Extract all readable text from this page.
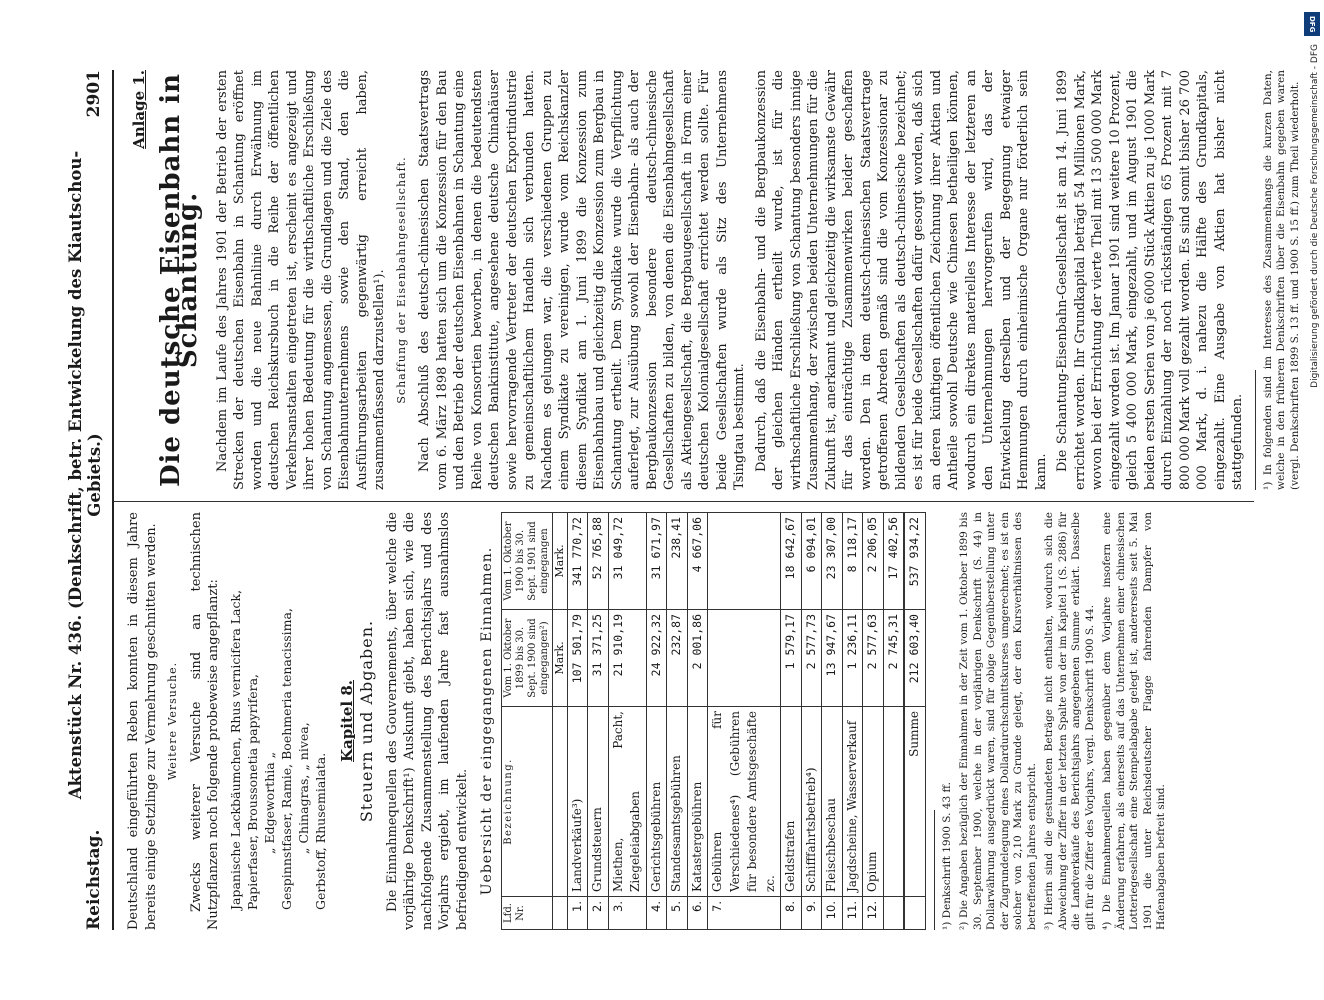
Reichstag.
Aktenstück Nr. 436. (Denkschrift, betr. Entwickelung des Kiautschou-Gebiets.)
2901

Deutschland eingeführten Reben konnten in diesem Jahre bereits einige Setzlinge zur Vermehrung geschnitten werden. Weitere Versuche. Zwecks weiterer Versuche sind an technischen Nutzpflanzen noch folgende probeweise angepflanzt: Japanische Lackbäumchen, Rhus vernicifera Lack, Papierfaser, Broussonetia papyrifera, „ Edgeworthia „ Gespinnstfaser, Ramie, Boehmeria tenacissima, „ Chinagras, „ nivea, Gerbstoff, Rhusemialata.
Kapitel 8. Steuern und Abgaben. Die Einnahmequellen des Gouvernements, über welche die vorjährige Denkschrift¹) Auskunft giebt, haben sich, wie die nachfolgende Zusammenstellung des Berichtsjahrs und des Vorjahrs ergiebt, im laufenden Jahre fast ausnahmslos befriedigend entwickelt. Uebersicht der eingegangenen Einnahmen.
Lfd. Nr.	Bezeichnung.	Vom 1. Oktober 1899 bis 30. Sept. 1900 sind eingegangen²)	Vom 1. Oktober 1900 bis 30. Sept. 1901 sind eingegangen
		Mark.	Mark.
1.	Landverkäufe³)	107 501,79	341 770,72
2.	Grundsteuern	31 371,25	52 765,88
3.	Miethen, Pacht, Ziegeleiabgaben	21 910,19	31 049,72
4.	Gerichtsgebühren	24 922,32	31 671,97
5.	Standesamtsgebühren	232,87	238,41
6.	Katastergebühren	2 001,86	4 667,06
7.	Gebühren für Verschiedenes⁴) (Gebühren für besondere Amtsgeschäfte zc.		
8.	Geldstrafen	1 579,17	18 642,67
9.	Schifffahrtsbetrieb⁴)	2 577,73	6 094,01
10.	Fleischbeschau	13 947,67	23 307,00
11.	Jagdscheine, Wasserverkauf	1 236,11	8 118,17
12.	Opium	2 577,63	2 206,05
		2 745,31	17 402,56
	Summe	212 603,40	537 934,22

¹) Denkschrift 1900 S. 43 ff. ²) Die Angaben bezüglich der Einnahmen in der Zeit vom 1. Oktober 1899 bis 30. September 1900, welche in der vorjährigen Denkschrift (S. 44) in Dollarwährung ausgedrückt waren, sind für obige Gegenüberstellung unter der Zugrundelegung eines Dollardurchschnittskurses umgerechnet; es ist ein solcher von 2,10 Mark zu Grunde gelegt, der den Kursverhältnissen des betreffenden Jahres entspricht. ³) Hierin sind die gestundeten Beträge nicht enthalten, wodurch sich die Abweichung der Ziffer in der letzten Spalte von der im Kapitel 1 (S. 2886) für die Landverkäufe des Berichtsjahrs angegebenen Summe erklärt. Dasselbe gilt für die Ziffer des Vorjahrs, vergl. Denkschrift 1900 S. 44. ⁴) Die Einnahmequellen haben gegenüber dem Vorjahre insofern eine Änderung erfahren, als einerseits auf das Unternehmen einer chinesischen Lotteriegesellschaft eine Stempelabgabe gelegt ist, andererseits seit 5. Mai 1901 die unter Reichsdeutscher Flagge fahrenden Dampfer von Hafenabgaben befreit sind.

Anlage 1. Die deutsche Eisenbahn in Schantung. Nachdem im Laufe des Jahres 1901 der Betrieb der ersten Strecken der deutschen Eisenbahn in Schantung eröffnet worden und die neue Bahnlinie durch Erwähnung im deutschen Reichskursbuch in die Reihe der öffentlichen Verkehrsanstalten eingetreten ist, erscheint es angezeigt und ihrer hohen Bedeutung für die wirthschaftliche Erschließung von Schantung angemessen, die Grundlagen und die Ziele des Eisenbahnunternehmens sowie den Stand, den die Ausführungsarbeiten gegenwärtig erreicht haben, zusammenfassend darzustellen¹). Schaffung der Eisenbahngesellschaft. Nach Abschluß des deutsch-chinesischen Staatsvertrags vom 6. März 1898 hatten sich um die Konzession für den Bau und den Betrieb der deutschen Eisenbahnen in Schantung eine Reihe von Konsortien beworben, in denen die bedeutendsten deutschen Bankinstitute, angesehene deutsche Chinahäuser sowie hervorragende Vertreter der deutschen Exportindustrie zu gemeinschaftlichem Handeln sich verbunden hatten. Nachdem es gelungen war, die verschiedenen Gruppen zu einem Syndikate zu vereinigen, wurde vom Reichskanzler diesem Syndikat am 1. Juni 1899 die Konzession zum Eisenbahnbau und gleichzeitig die Konzession zum Bergbau in Schantung ertheilt. Dem Syndikate wurde die Verpflichtung auferlegt, zur Ausübung sowohl der Eisenbahn- als auch der Bergbaukonzession besondere deutsch-chinesische Gesellschaften zu bilden, von denen die Eisenbahngesellschaft als Aktiengesellschaft, die Bergbaugesellschaft in Form einer deutschen Kolonialgesellschaft errichtet werden sollte. Für beide Gesellschaften wurde als Sitz des Unternehmens Tsingtau bestimmt. Dadurch, daß die Eisenbahn- und die Bergbaukonzession der gleichen Händen ertheilt wurde, ist für die wirthschaftliche Erschließung von Schantung besonders innige Zusammenhang, der zwischen beiden Unternehmungen für die Zukunft ist, anerkannt und gleichzeitig die wirksamste Gewähr für das einträchtige Zusammenwirken beider geschaffen worden. Den in dem deutsch-chinesischen Staatsvertrage getroffenen Abreden gemäß sind die vom Konzessionar zu bildenden Gesellschaften als deutsch-chinesische bezeichnet; es ist für beide Gesellschaften dafür gesorgt worden, daß sich an deren künftigen öffentlichen Zeichnung ihrer Aktien und Antheile sowohl Deutsche wie Chinesen betheiligen können, wodurch ein direktes materielles Interesse der letzteren an den Unternehmungen hervorgerufen wird, das der Entwickelung derselben und der Begegnung etwaiger Hemmungen durch einheimische Organe nur förderlich sein kann. Die Schantung-Eisenbahn-Gesellschaft ist am 14. Juni 1899 errichtet worden. Ihr Grundkapital beträgt 54 Millionen Mark, wovon bei der Errichtung der vierte Theil mit 13 500 000 Mark eingezahlt worden ist. Im Januar 1901 sind weitere 10 Prozent, gleich 5 400 000 Mark, eingezahlt, und im August 1901 die beiden ersten Serien von je 6000 Stück Aktien zu je 1000 Mark durch Einzahlung der noch rückständigen 65 Prozent mit 7 800 000 Mark voll gezahlt worden. Es sind somit bisher 26 700 000 Mark, d. i. nahezu die Hälfte des Grundkapitals, eingezahlt. Eine Ausgabe von Aktien hat bisher nicht stattgefunden. ¹) In folgenden sind im Interesse des Zusammenhangs die kurzen Daten, welche in den früheren Denkschriften über die Eisenbahn gegeben waren (vergl. Denkschriften 1899 S. 13 ff. und 1900 S. 15 ff.) zum Theil wiederholt.

DFG
Digitalisierung gefördert durch die Deutsche Forschungsgemeinschaft - DFG
